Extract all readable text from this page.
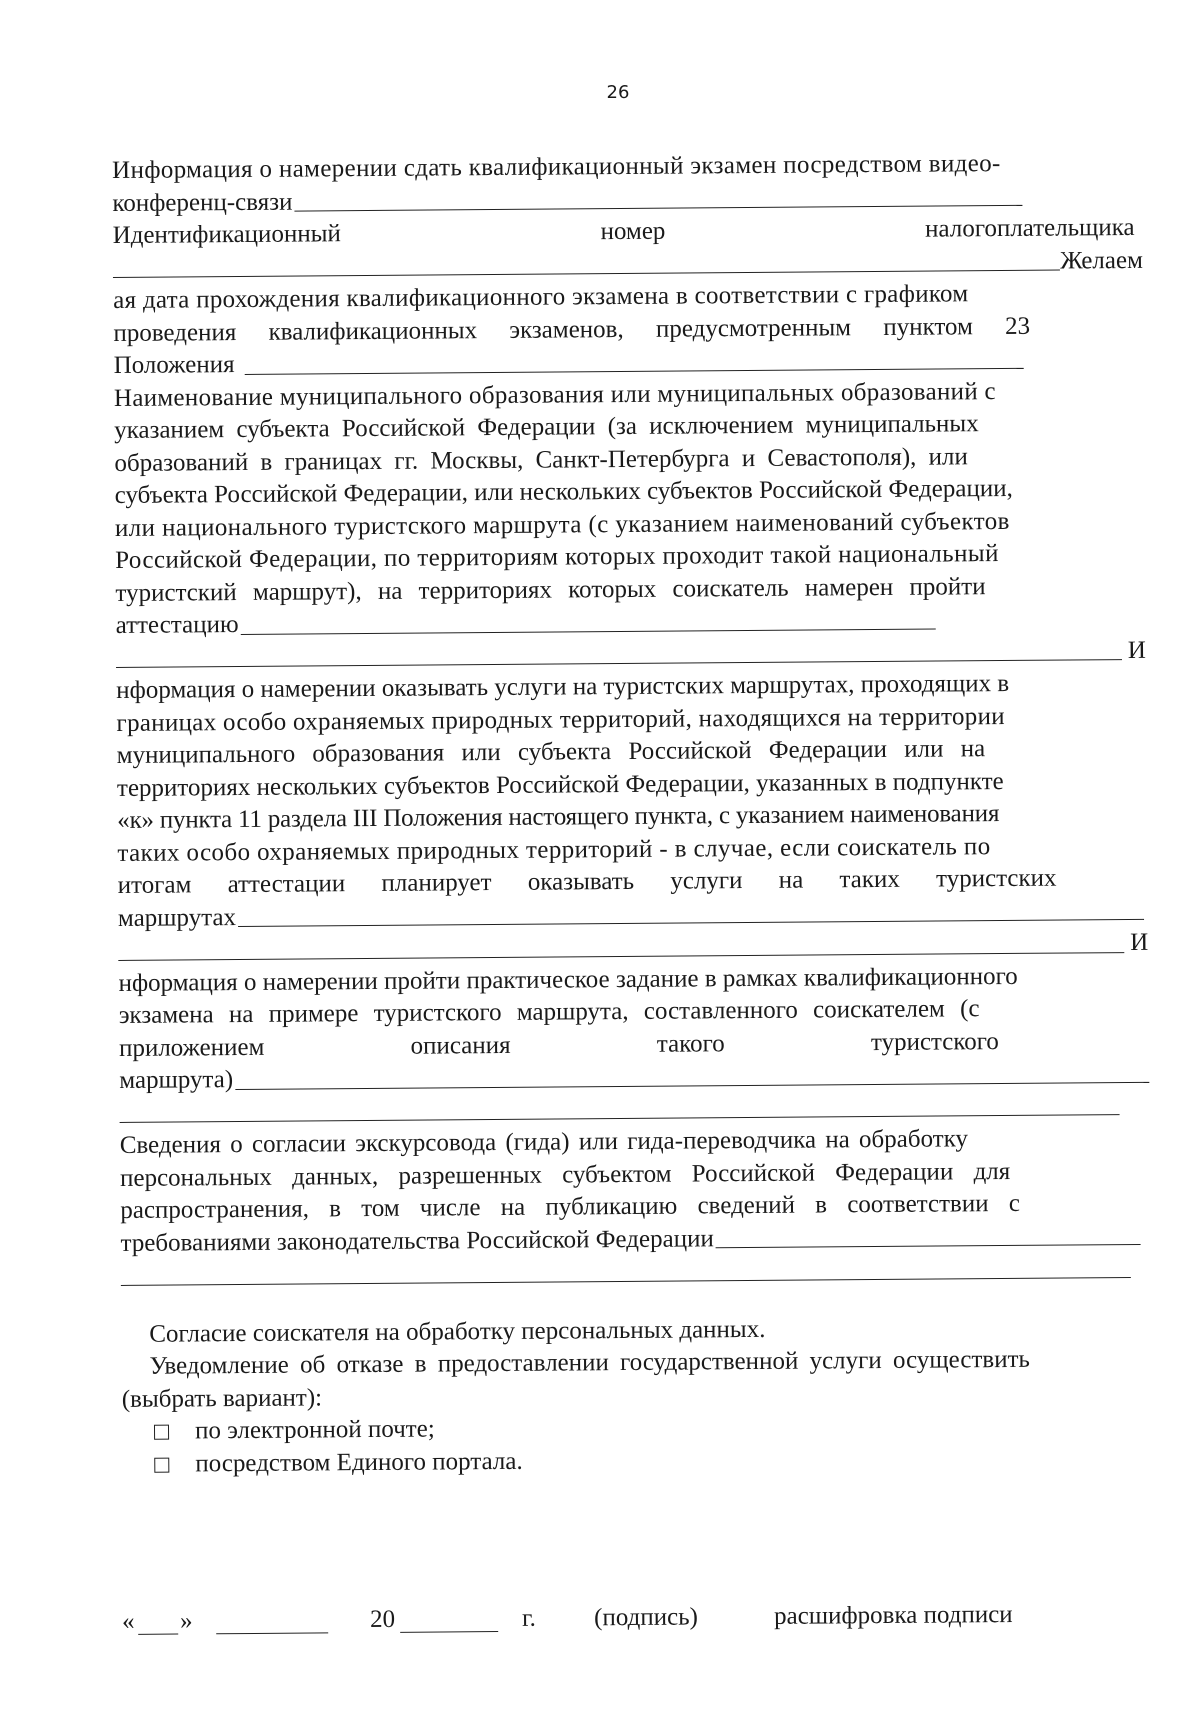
26
Информация о намерении сдать квалификационный экзамен посредством видео-
конференц-связи
Идентификационный	номер	налогоплательщика
Желаем
ая дата прохождения квалификационного экзамена в соответствии с графиком
проведения квалификационных экзаменов, предусмотренным пунктом 23
Положения
Наименование муниципального образования или муниципальных образований с
указанием субъекта Российской Федерации (за исключением муниципальных
образований в границах гг. Москвы, Санкт-Петербурга и Севастополя), или
субъекта Российской Федерации, или нескольких субъектов Российской Федерации,
или национального туристского маршрута (с указанием наименований субъектов
Российской Федерации, по территориям которых проходит такой национальный
туристский маршрут), на территориях которых соискатель намерен пройти
аттестацию
И
нформация о намерении оказывать услуги на туристских маршрутах, проходящих в
границах особо охраняемых природных территорий, находящихся на территории
муниципального образования или субъекта Российской Федерации или на
территориях нескольких субъектов Российской Федерации, указанных в подпункте
«к» пункта 11 раздела III Положения настоящего пункта, с указанием наименования
таких особо охраняемых природных территорий - в случае, если соискатель по
итогам аттестации планирует оказывать услуги на таких туристских
маршрутах
И
нформация о намерении пройти практическое задание в рамках квалификационного
экзамена на примере туристского маршрута, составленного соискателем (с
приложением описания такого туристского
маршрута)
Сведения о согласии экскурсовода (гида) или гида-переводчика на обработку
персональных данных, разрешенных субъектом Российской Федерации для
распространения, в том числе на публикацию сведений в соответствии с
требованиями законодательства Российской Федерации
Согласие соискателя на обработку персональных данных.
Уведомление об отказе в предоставлении государственной услуги осуществить
(выбрать вариант):
по электронной почте;
посредством Единого портала.
« »	20	г. (подпись)	расшифровка подписи
